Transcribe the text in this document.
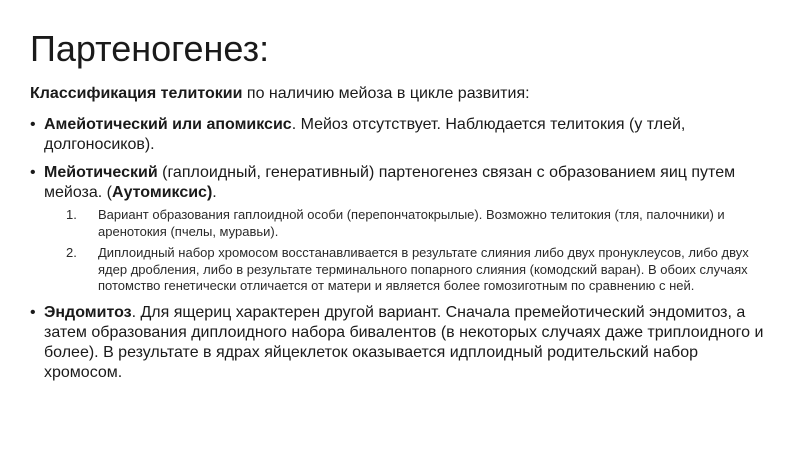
Партеногенез:

Классификация телитокии по наличию мейоза в цикле развития:

• Амейотический или апомиксис. Мейоз отсутствует. Наблюдается телитокия (у тлей, долгоносиков).
• Мейотический (гаплоидный, генеративный) партеногенез связан с образованием яиц путем мейоза. (Аутомиксис).
1. Вариант образования гаплоидной особи (перепончатокрылые). Возможно телитокия (тля, палочники) и аренотокия (пчелы, муравьи).
2. Диплоидный набор хромосом восстанавливается в результате слияния либо двух пронуклеусов, либо двух ядер дробления, либо в результате терминального попарного слияния (комодский варан). В обоих случаях потомство генетически отличается от матери и является более гомозиготным по сравнению с ней.
• Эндомитоз. Для ящериц характерен другой вариант. Сначала премейотический эндомитоз, а затем образования диплоидного набора бивалентов (в некоторых случаях даже триплоидного и более). В результате в ядрах яйцеклеток оказывается идплоидный родительский набор хромосом.
